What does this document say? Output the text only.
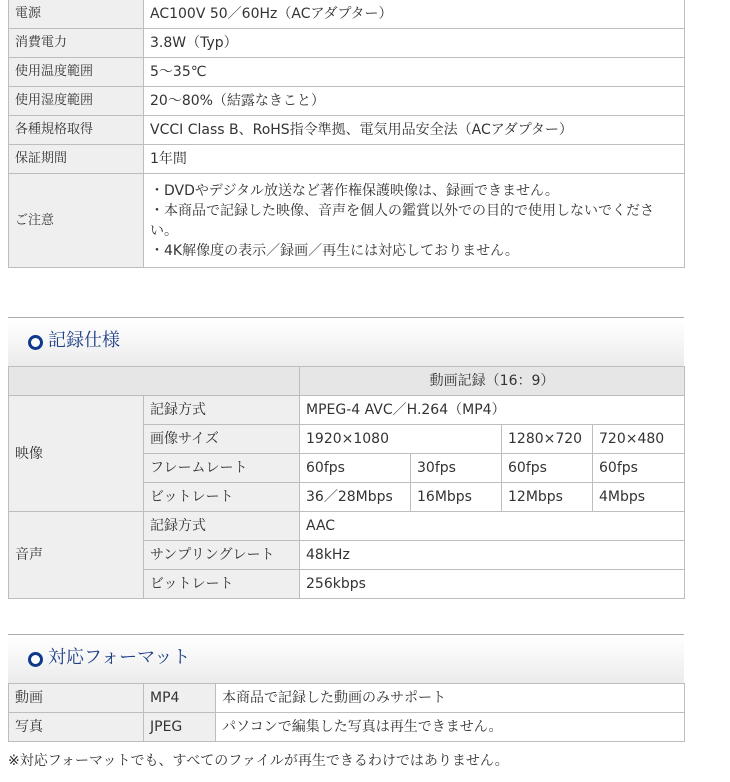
電源	AC100V 50／60Hz（ACアダプター）
消費電力	3.8W（Typ）
使用温度範囲	5～35℃
使用湿度範囲	20～80%（結露なきこと）
各種規格取得	VCCI Class B、RoHS指令準拠、電気用品安全法（ACアダプター）
保証期間	1年間
ご注意	・DVDやデジタル放送など著作権保護映像は、録画できません。
・本商品で記録した映像、音声を個人の鑑賞以外での目的で使用しないでください。
・4K解像度の表示／録画／再生には対応しておりません。
記録仕様
		動画記録（16：9）			
映像	記録方式	MPEG-4 AVC／H.264（MP4）			
	画像サイズ	1920×1080		1280×720	720×480
	フレームレート	60fps	30fps	60fps	60fps
	ビットレート	36／28Mbps	16Mbps	12Mbps	4Mbps
音声	記録方式	AAC			
	サンプリングレート	48kHz			
	ビットレート	256kbps			
対応フォーマット
動画	MP4	本商品で記録した動画のみサポート
写真	JPEG	パソコンで編集した写真は再生できません。
※対応フォーマットでも、すべてのファイルが再生できるわけではありません。
